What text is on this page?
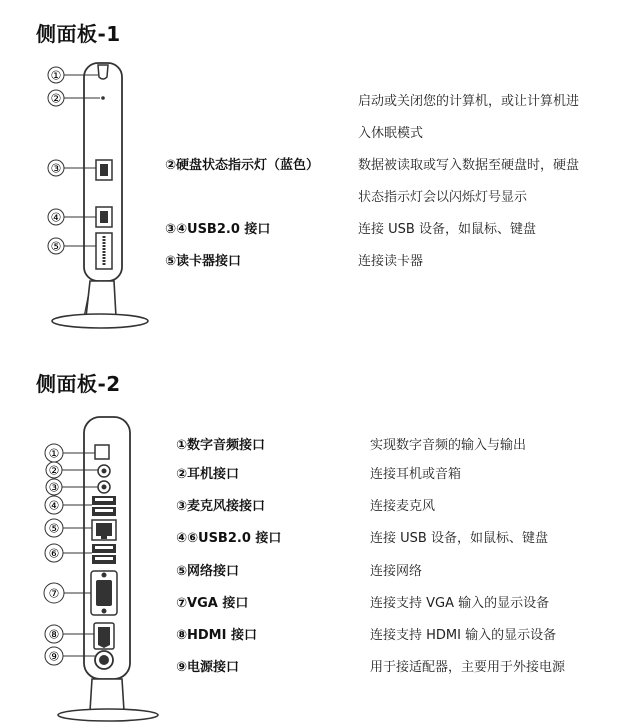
侧面板-1
①
②
③
④
⑤
启动或关闭您的计算机，或让计算机进
入休眠模式
②硬盘状态指示灯（蓝色）	数据被读取或写入数据至硬盘时，硬盘
状态指示灯会以闪烁灯号显示
③④USB2.0 接口	连接 USB 设备，如鼠标、键盘
⑤读卡器接口	连接读卡器
侧面板-2
①
②
③
④
⑤
⑥
⑦
⑧
⑨
①数字音频接口	实现数字音频的输入与输出
②耳机接口	连接耳机或音箱
③麦克风接接口	连接麦克风
④⑥USB2.0 接口	连接 USB 设备，如鼠标、键盘
⑤网络接口	连接网络
⑦VGA 接口	连接支持 VGA 输入的显示设备
⑧HDMI 接口	连接支持 HDMI 输入的显示设备
⑨电源接口	用于接适配器，主要用于外接电源
